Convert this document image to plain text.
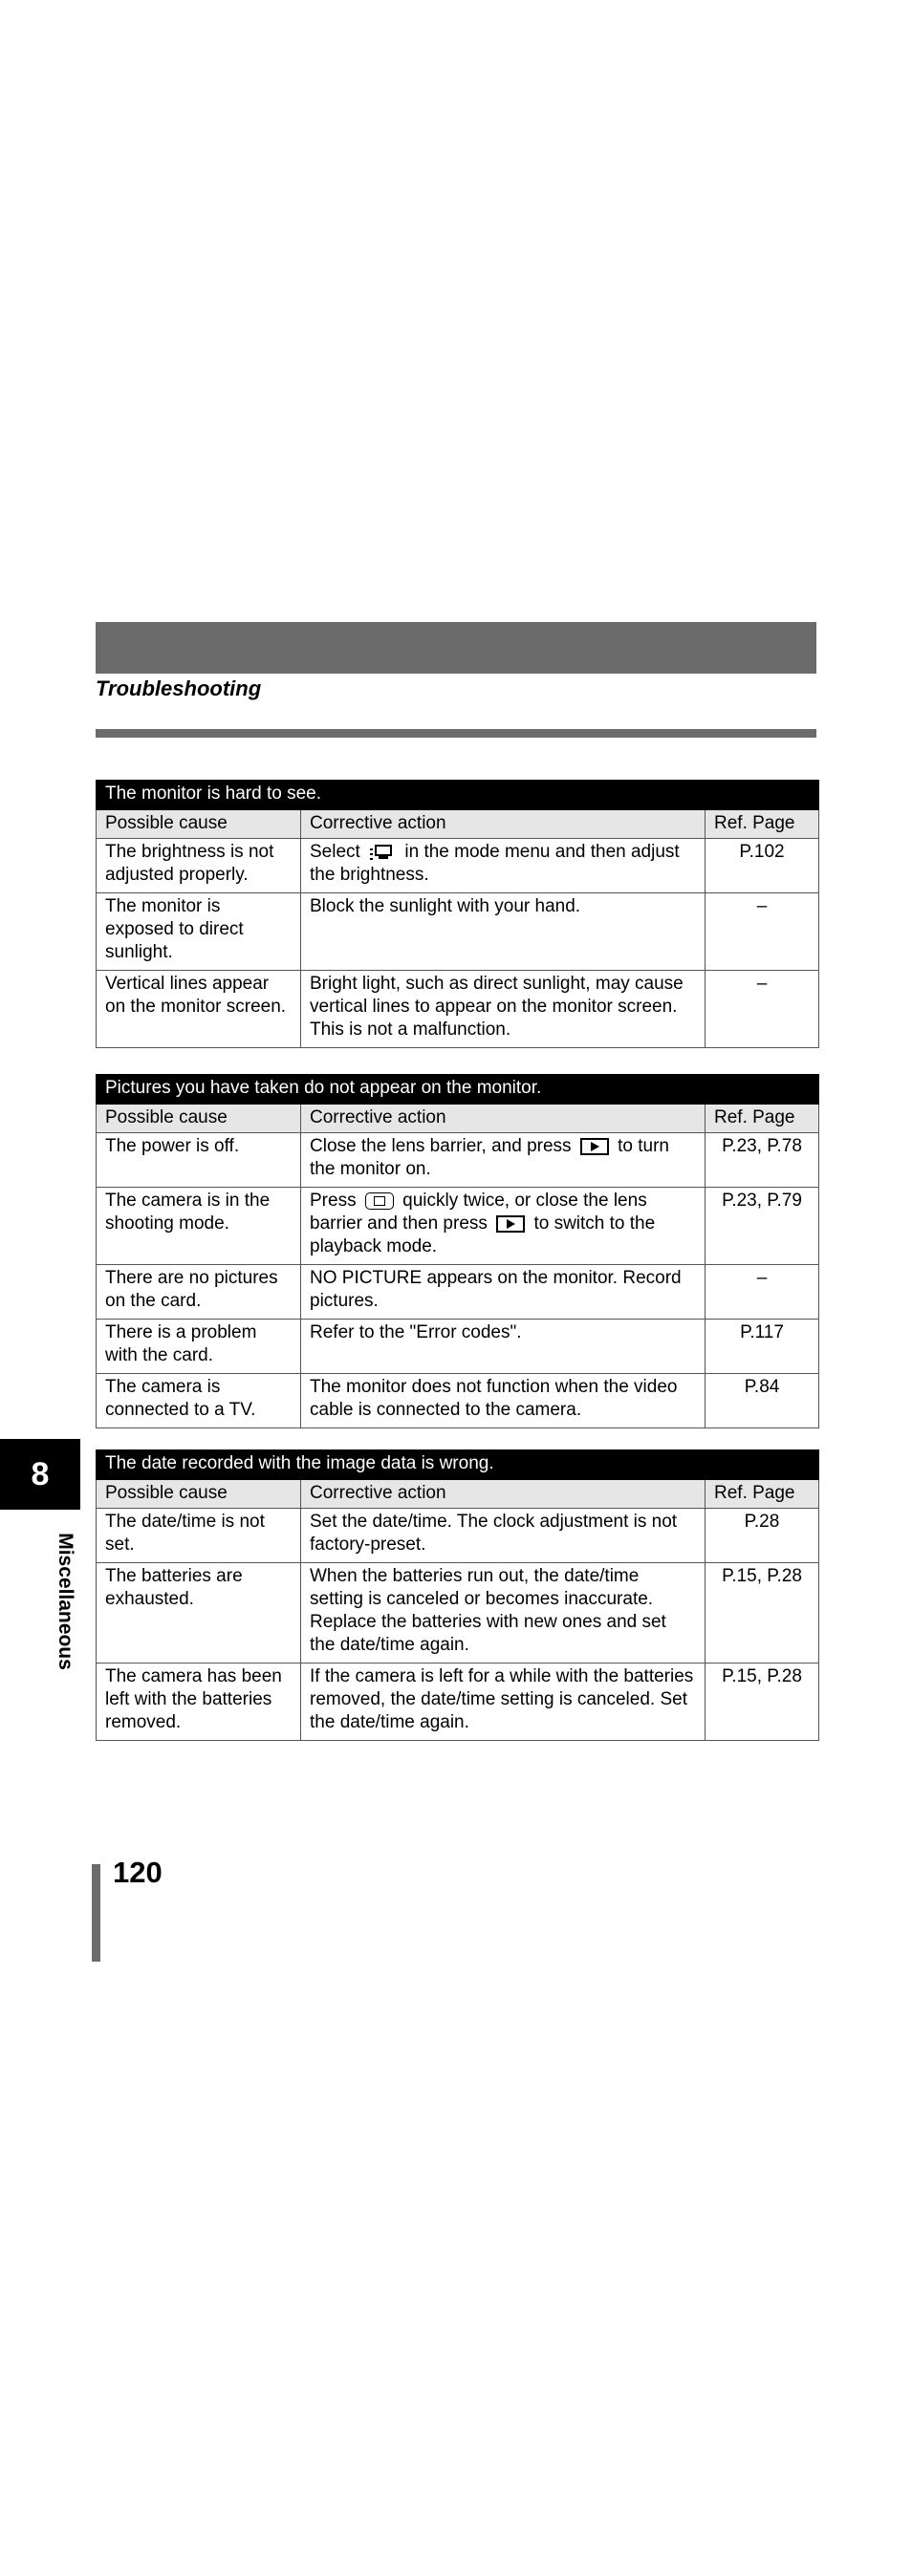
Troubleshooting
The monitor is hard to see.		
Possible cause	Corrective action	Ref. Page
The brightness is not adjusted properly.	Select in the mode menu and then adjust the brightness.	P.102
The monitor is exposed to direct sunlight.	Block the sunlight with your hand.	–
Vertical lines appear on the monitor screen.	Bright light, such as direct sunlight, may cause vertical lines to appear on the monitor screen. This is not a malfunction.	–
Pictures you have taken do not appear on the monitor.		
Possible cause	Corrective action	Ref. Page
The power is off.	Close the lens barrier, and press to turn the monitor on.	P.23, P.78
The camera is in the shooting mode.	Press quickly twice, or close the lens barrier and then press to switch to the playback mode.	P.23, P.79
There are no pictures on the card.	NO PICTURE appears on the monitor. Record pictures.	–
There is a problem with the card.	Refer to the "Error codes".	P.117
The camera is connected to a TV.	The monitor does not function when the video cable is connected to the camera.	P.84
The date recorded with the image data is wrong.		
Possible cause	Corrective action	Ref. Page
The date/time is not set.	Set the date/time. The clock adjustment is not factory-preset.	P.28
The batteries are exhausted.	When the batteries run out, the date/time setting is canceled or becomes inaccurate. Replace the batteries with new ones and set the date/time again.	P.15, P.28
The camera has been left with the batteries removed.	If the camera is left for a while with the batteries removed, the date/time setting is canceled. Set the date/time again.	P.15, P.28
8
Miscellaneous
120
